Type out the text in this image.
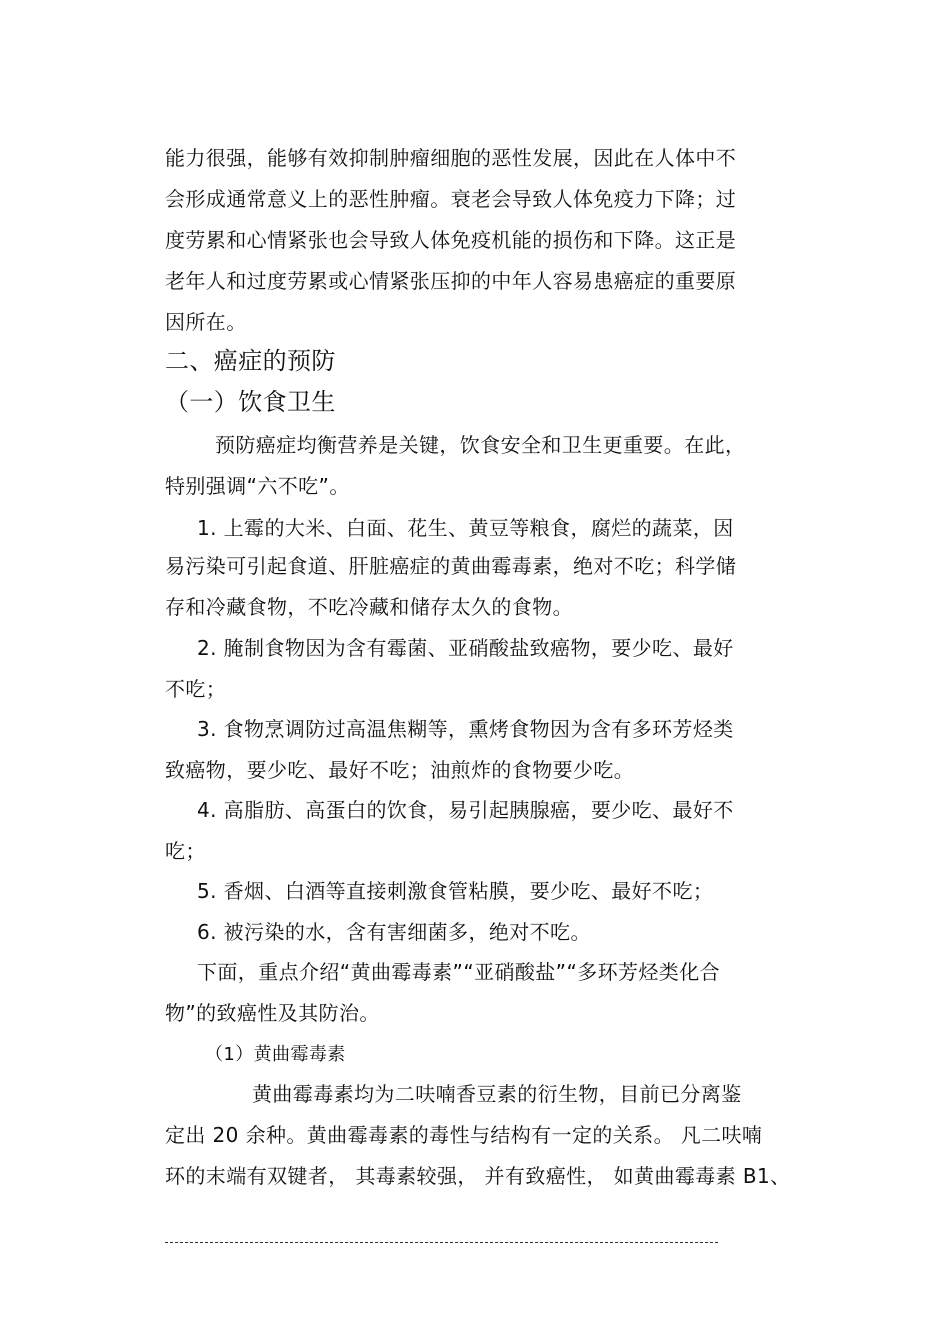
能力很强，能够有效抑制肿瘤细胞的恶性发展，因此在人体中不
会形成通常意义上的恶性肿瘤。衰老会导致人体免疫力下降；过
度劳累和心情紧张也会导致人体免疫机能的损伤和下降。这正是
老年人和过度劳累或心情紧张压抑的中年人容易患癌症的重要原
因所在。
二、癌症的预防
（一）饮食卫生
预防癌症均衡营养是关键，饮食安全和卫生更重要。在此，
特别强调“六不吃”。
1. 上霉的大米、白面、花生、黄豆等粮食，腐烂的蔬菜，因
易污染可引起食道、肝脏癌症的黄曲霉毒素，绝对不吃；科学储
存和冷藏食物，不吃冷藏和储存太久的食物。
2. 腌制食物因为含有霉菌、亚硝酸盐致癌物，要少吃、最好
不吃；
3. 食物烹调防过高温焦糊等，熏烤食物因为含有多环芳烃类
致癌物，要少吃、最好不吃；油煎炸的食物要少吃。
4. 高脂肪、高蛋白的饮食，易引起胰腺癌，要少吃、最好不
吃；
5. 香烟、白酒等直接刺激食管粘膜，要少吃、最好不吃；
6. 被污染的水，含有害细菌多，绝对不吃。
下面，重点介绍“黄曲霉毒素”“亚硝酸盐”“多环芳烃类化合
物”的致癌性及其防治。
（1）黄曲霉毒素
黄曲霉毒素均为二呋喃香豆素的衍生物，目前已分离鉴
定出 20 余种。黄曲霉毒素的毒性与结构有一定的关系。 凡二呋喃
环的末端有双键者， 其毒素较强， 并有致癌性， 如黄曲霉毒素 B1、
